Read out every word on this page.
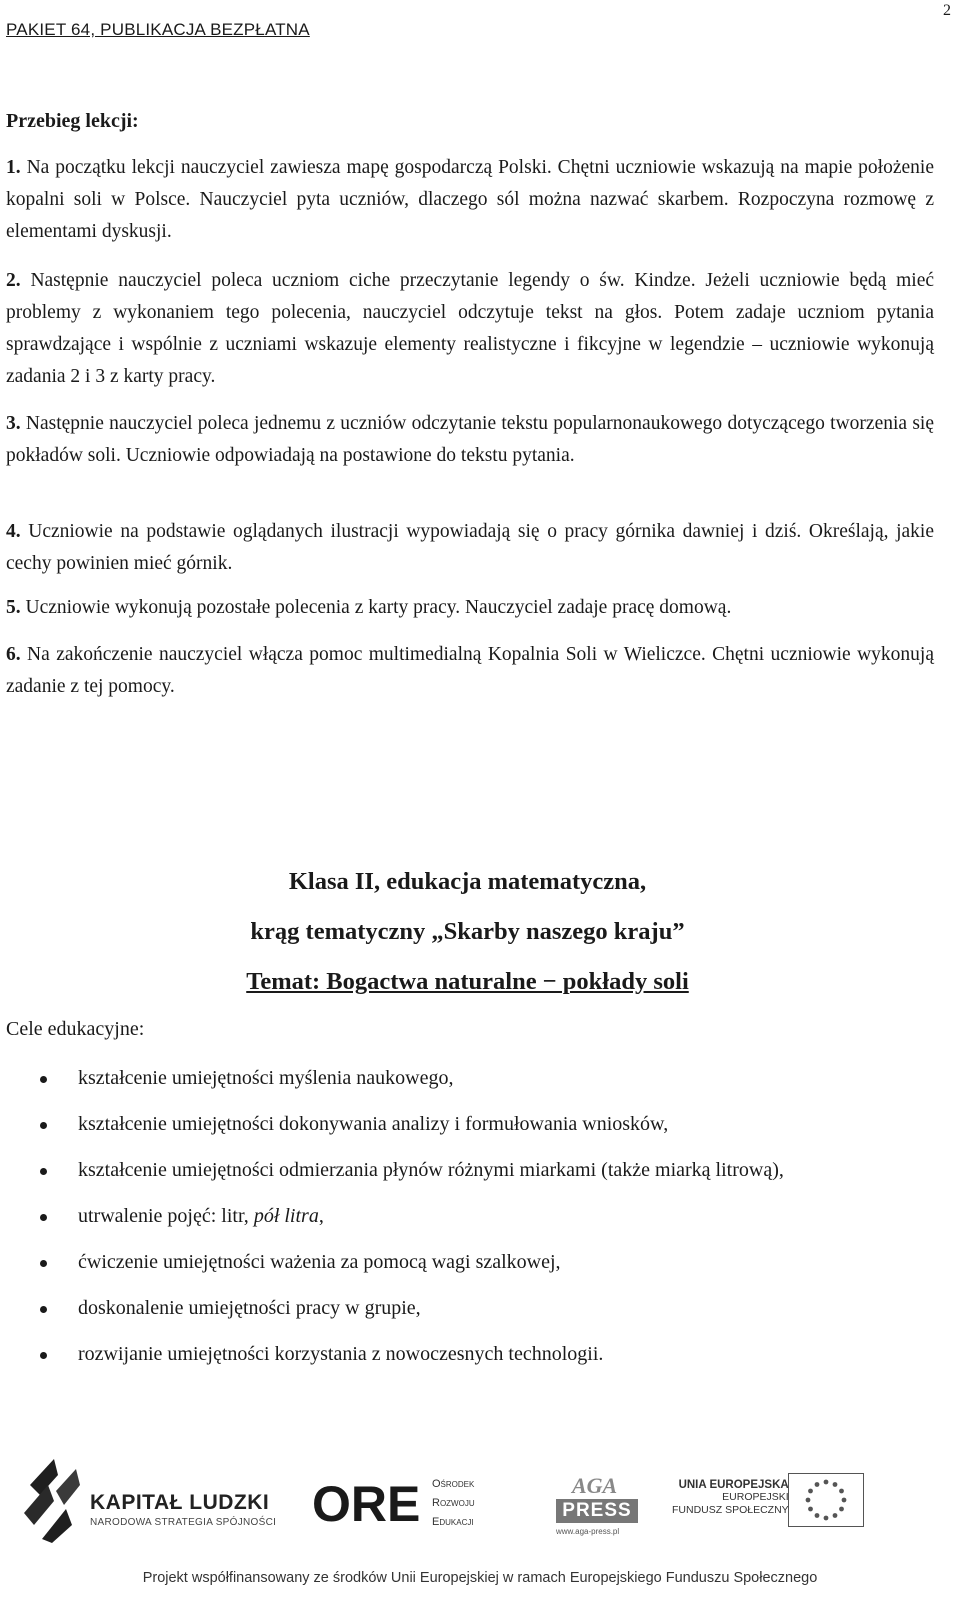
PAKIET 64, PUBLIKACJA BEZPŁATNA
2
Przebieg lekcji:
1. Na początku lekcji nauczyciel zawiesza mapę gospodarczą Polski. Chętni uczniowie wskazują na mapie położenie kopalni soli w Polsce. Nauczyciel pyta uczniów, dlaczego sól można nazwać skarbem. Rozpoczyna rozmowę z elementami dyskusji.
2. Następnie nauczyciel poleca uczniom ciche przeczytanie legendy o św. Kindze. Jeżeli uczniowie będą mieć problemy z wykonaniem tego polecenia, nauczyciel odczytuje tekst na głos. Potem zadaje uczniom pytania sprawdzające i wspólnie z uczniami wskazuje elementy realistyczne i fikcyjne w legendzie – uczniowie wykonują zadania 2 i 3 z karty pracy.
3. Następnie nauczyciel poleca jednemu z uczniów odczytanie tekstu popularnonaukowego dotyczącego tworzenia się pokładów soli. Uczniowie odpowiadają na postawione do tekstu pytania.
4. Uczniowie na podstawie oglądanych ilustracji wypowiadają się o pracy górnika dawniej i dziś. Określają, jakie cechy powinien mieć górnik.
5. Uczniowie wykonują pozostałe polecenia z karty pracy. Nauczyciel zadaje pracę domową.
6. Na zakończenie nauczyciel włącza pomoc multimedialną Kopalnia Soli w Wieliczce. Chętni uczniowie wykonują zadanie z tej pomocy.
Klasa II, edukacja matematyczna,
krąg tematyczny „Skarby naszego kraju”
Temat: Bogactwa naturalne − pokłady soli
Cele edukacyjne:
kształcenie umiejętności myślenia naukowego,
kształcenie umiejętności dokonywania analizy i formułowania wniosków,
kształcenie umiejętności odmierzania płynów różnymi miarkami (także miarką litrową),
utrwalenie pojęć: litr, pół litra,
ćwiczenie umiejętności ważenia za pomocą wagi szalkowej,
doskonalenie umiejętności pracy w grupie,
rozwijanie umiejętności korzystania z nowoczesnych technologii.
KAPITAŁ LUDZKI
NARODOWA STRATEGIA SPÓJNOŚCI ORE Ośrodek
Rozwoju
Edukacji
AGA
PRESS
www.aga-press.pl
UNIA EUROPEJSKA
EUROPEJSKI
FUNDUSZ SPOŁECZNY
Projekt współfinansowany ze środków Unii Europejskiej w ramach Europejskiego Funduszu Społecznego
